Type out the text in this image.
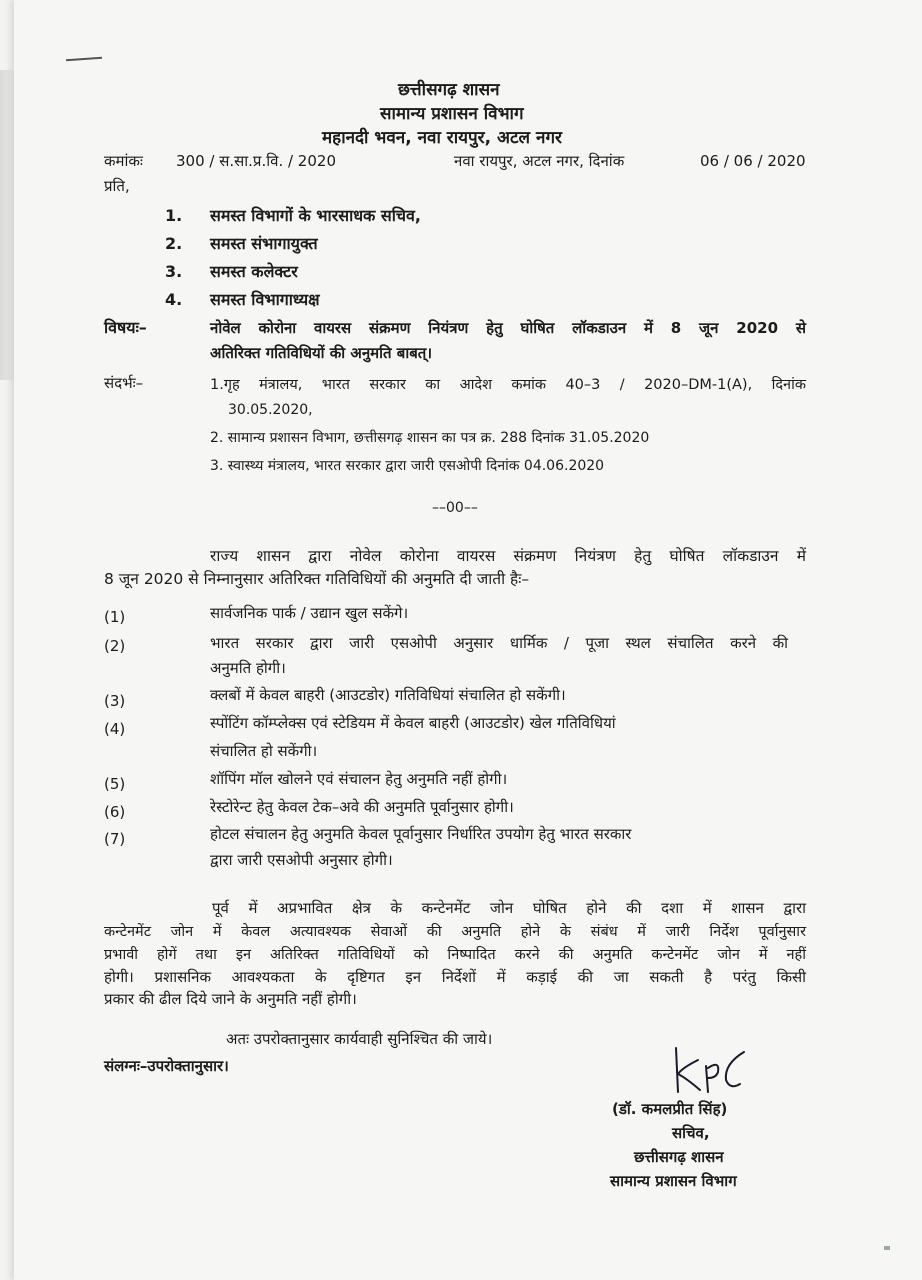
छत्तीसगढ़ शासन
सामान्य प्रशासन विभाग
महानदी भवन, नवा रायपुर, अटल नगर
कमांकः 300 / स.सा.प्र.वि. / 2020	नवा रायपुर, अटल नगर, दिनांक	06 / 06 / 2020
प्रति,
1. समस्त विभागों के भारसाधक सचिव,
2. समस्त संभागायुक्त
3. समस्त कलेक्टर
4. समस्त विभागाध्यक्ष
विषयः–	नोवेल कोरोना वायरस संक्रमण नियंत्रण हेतु घोषित लॉकडाउन में 8 जून 2020 से
अतिरिक्त गतिविधियों की अनुमति बाबत्।
संदर्भः–	1.गृह मंत्रालय, भारत सरकार का आदेश कमांक 40–3 / 2020–DM-1(A), दिनांक
30.05.2020,
2. सामान्य प्रशासन विभाग, छत्तीसगढ़ शासन का पत्र क्र. 288 दिनांक 31.05.2020
3. स्वास्थ्य मंत्रालय, भारत सरकार द्वारा जारी एसओपी दिनांक 04.06.2020
––00––
राज्य शासन द्वारा नोवेल कोरोना वायरस संक्रमण नियंत्रण हेतु घोषित लॉकडाउन में
8 जून 2020 से निम्नानुसार अतिरिक्त गतिविधियों की अनुमति दी जाती हैः–
(1)	सार्वजनिक पार्क / उद्यान खुल सकेंगे।
(2)	भारत सरकार द्वारा जारी एसओपी अनुसार धार्मिक / पूजा स्थल संचालित करने की
अनुमति होगी।
(3)	क्लबों में केवल बाहरी (आउटडोर) गतिविधियां संचालित हो सकेंगी।
(4)	स्पोंटिंग कॉम्प्लेक्स एवं स्टेडियम में केवल बाहरी (आउटडोर) खेल गतिविधियां
संचालित हो सकेंगी।
(5)	शॉपिंग मॉल खोलने एवं संचालन हेतु अनुमति नहीं होगी।
(6)	रेस्टोरेन्ट हेतु केवल टेक–अवे की अनुमति पूर्वानुसार होगी।
(7)	होटल संचालन हेतु अनुमति केवल पूर्वानुसार निर्धारित उपयोग हेतु भारत सरकार
द्वारा जारी एसओपी अनुसार होगी।
पूर्व में अप्रभावित क्षेत्र के कन्टेनमेंट जोन घोषित होने की दशा में शासन द्वारा
कन्टेनमेंट जोन में केवल अत्यावश्यक सेवाओं की अनुमति होने के संबंध में जारी निर्देश पूर्वानुसार
प्रभावी होगें तथा इन अतिरिक्त गतिविधियों को निष्पादित करने की अनुमति कन्टेनमेंट जोन में नहीं
होगी। प्रशासनिक आवश्यकता के दृष्टिगत इन निर्देशों में कड़ाई की जा सकती है परंतु किसी
प्रकार की ढील दिये जाने के अनुमति नहीं होगी।
अतः उपरोक्तानुसार कार्यवाही सुनिश्चित की जाये।
संलग्नः–उपरोक्तानुसार।
(डॉ. कमलप्रीत सिंह)
सचिव,
छत्तीसगढ़ शासन
सामान्य प्रशासन विभाग
